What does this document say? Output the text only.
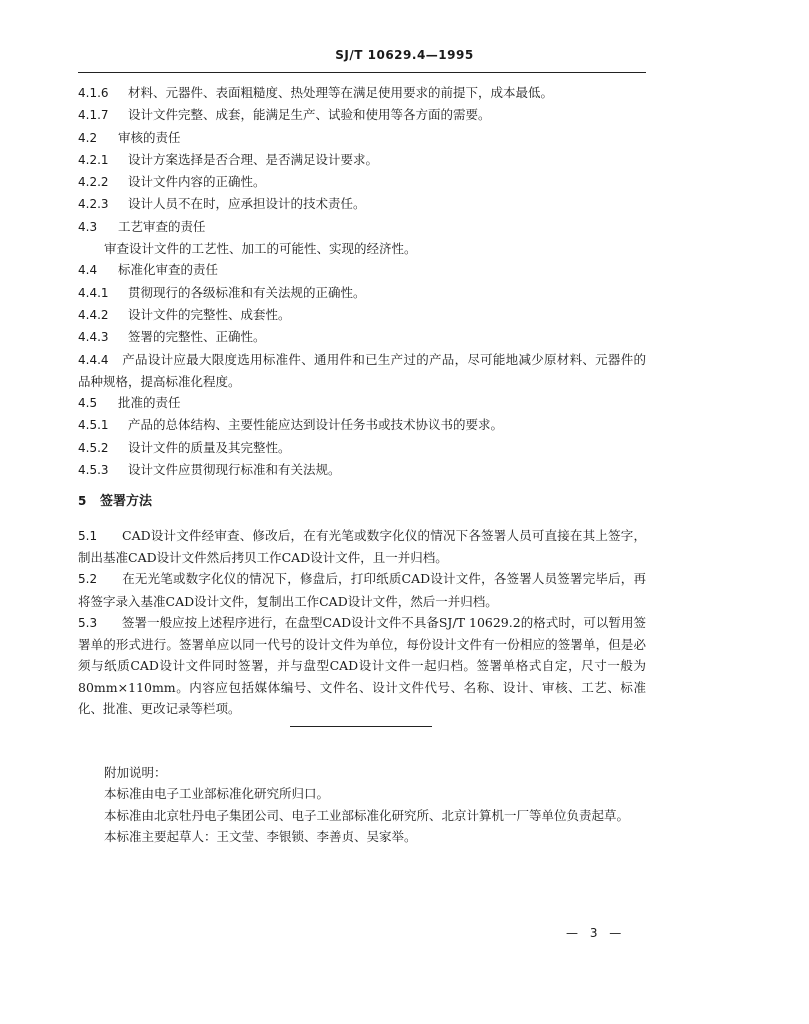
SJ/T 10629.4—1995
4.1.6 材料、元器件、表面粗糙度、热处理等在满足使用要求的前提下，成本最低。
4.1.7 设计文件完整、成套，能满足生产、试验和使用等各方面的需要。
4.2 审核的责任
4.2.1 设计方案选择是否合理、是否满足设计要求。
4.2.2 设计文件内容的正确性。
4.2.3 设计人员不在时，应承担设计的技术责任。
4.3 工艺审查的责任
审查设计文件的工艺性、加工的可能性、实现的经济性。
4.4 标准化审查的责任
4.4.1 贯彻现行的各级标准和有关法规的正确性。
4.4.2 设计文件的完整性、成套性。
4.4.3 签署的完整性、正确性。
4.4.4 产品设计应最大限度选用标准件、通用件和已生产过的产品，尽可能地减少原材料、元器件的品种规格，提高标准化程度。
4.5 批准的责任
4.5.1 产品的总体结构、主要性能应达到设计任务书或技术协议书的要求。
4.5.2 设计文件的质量及其完整性。
4.5.3 设计文件应贯彻现行标准和有关法规。
5 签署方法
5.1 CAD设计文件经审查、修改后，在有光笔或数字化仪的情况下各签署人员可直接在其上签字，制出基准CAD设计文件然后拷贝工作CAD设计文件，且一并归档。
5.2 在无光笔或数字化仪的情况下，修盘后，打印纸质CAD设计文件，各签署人员签署完毕后，再将签字录入基准CAD设计文件，复制出工作CAD设计文件，然后一并归档。
5.3 签署一般应按上述程序进行，在盘型CAD设计文件不具备SJ/T 10629.2的格式时，可以暂用签署单的形式进行。签署单应以同一代号的设计文件为单位，每份设计文件有一份相应的签署单，但是必须与纸质CAD设计文件同时签署，并与盘型CAD设计文件一起归档。签署单格式自定，尺寸一般为80mm×110mm。内容应包括媒体编号、文件名、设计文件代号、名称、设计、审核、工艺、标准化、批准、更改记录等栏项。
附加说明：
本标准由电子工业部标准化研究所归口。
本标准由北京牡丹电子集团公司、电子工业部标准化研究所、北京计算机一厂等单位负责起草。
本标准主要起草人：王文莹、李银锁、李善贞、吴家举。
— 3 —
